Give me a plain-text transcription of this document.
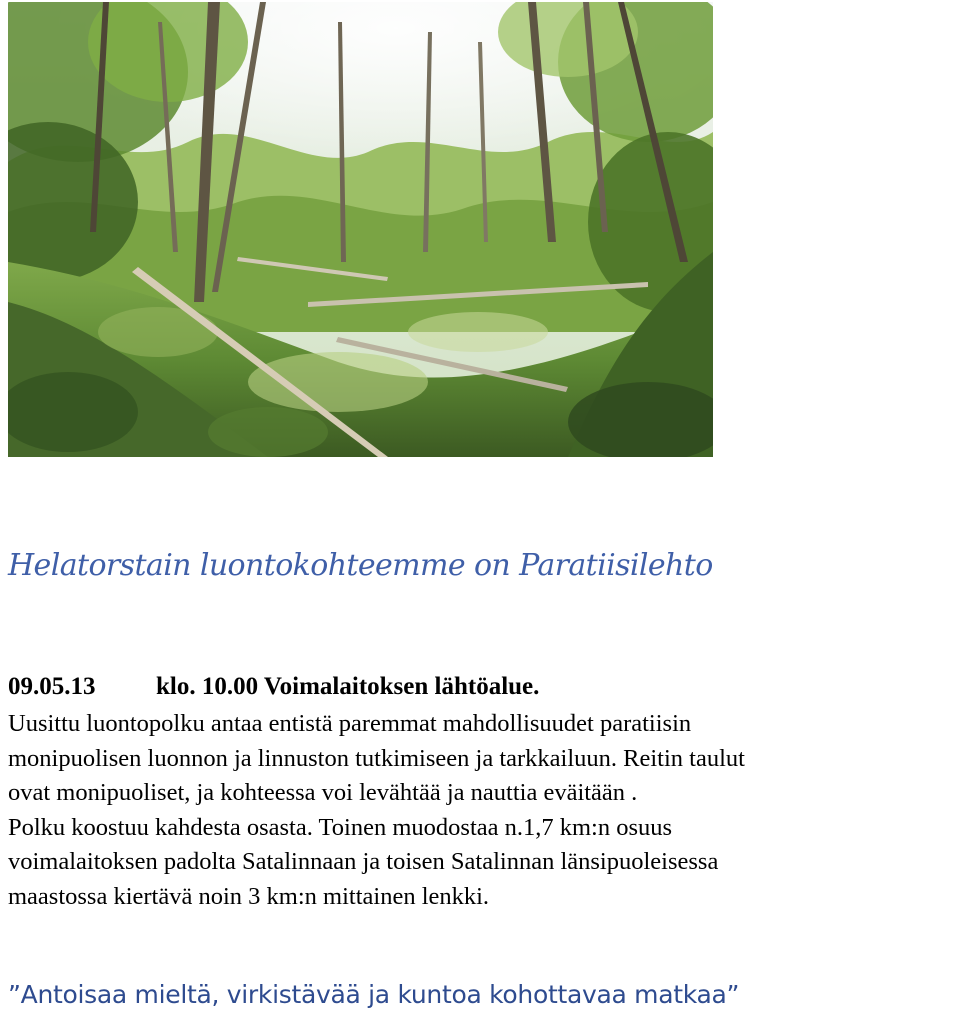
Helatorstain luontokohteemme on Paratiisilehto
09.05.13 klo. 10.00 Voimalaitoksen lähtöalue.
Uusittu luontopolku antaa entistä paremmat mahdollisuudet paratiisin
monipuolisen luonnon ja linnuston tutkimiseen ja tarkkailuun. Reitin taulut
ovat monipuoliset, ja kohteessa voi levähtää ja nauttia eväitään .
Polku koostuu kahdesta osasta. Toinen muodostaa n.1,7 km:n osuus
voimalaitoksen padolta Satalinnaan ja toisen Satalinnan länsipuoleisessa
maastossa kiertävä noin 3 km:n mittainen lenkki.
”Antoisaa mieltä, virkistävää ja kuntoa kohottavaa matkaa”
